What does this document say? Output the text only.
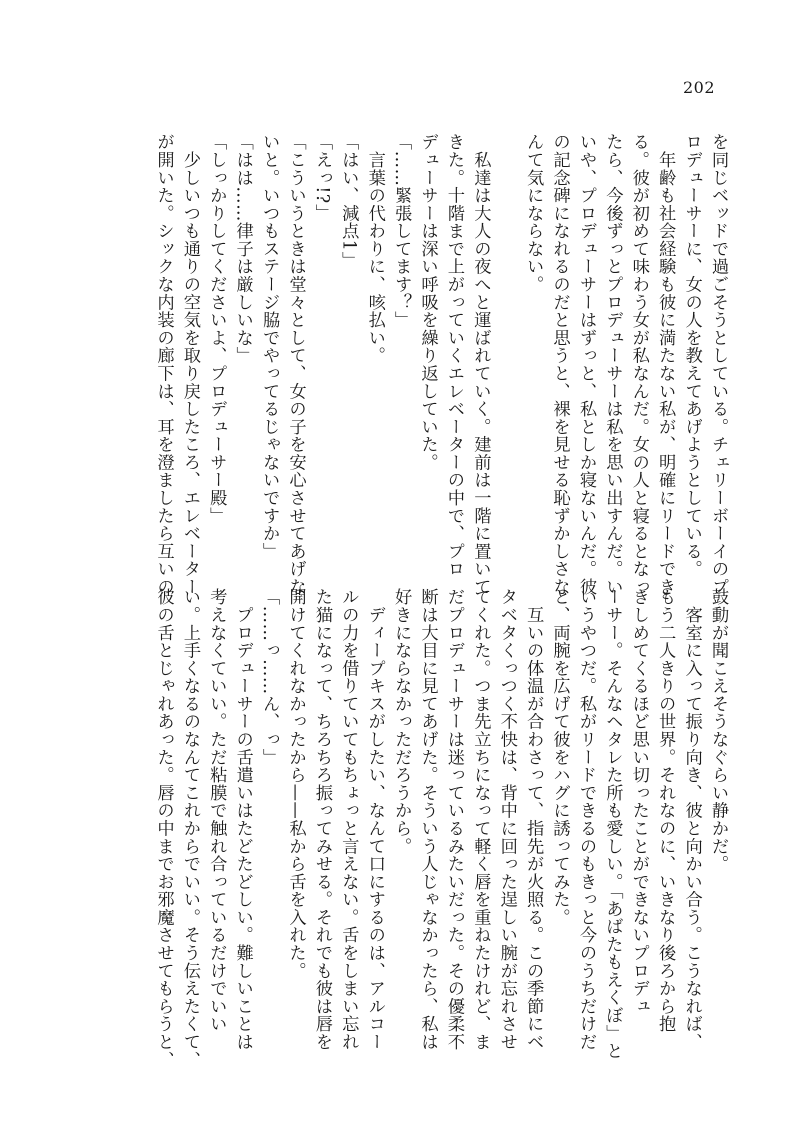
202
を同じベッドで過ごそうとしている。チェリーボーイのプ
ロデューサーに、女の人を教えてあげようとしている。
　年齢も社会経験も彼に満たない私が、明確にリードでき
る。彼が初めて味わう女が私なんだ。女の人と寝るとなっ
たら、今後ずっとプロデューサーは私を思い出すんだ。い
いや、プロデューサーはずっと、私としか寝ないんだ。彼
の記念碑になれるのだと思うと、裸を見せる恥ずかしさな
んて気にならない。

　私達は大人の夜へと運ばれていく。建前は一階に置いて
きた。十階まで上がっていくエレベーターの中で、プロ
デューサーは深い呼吸を繰り返していた。
「……緊張してます？」
　言葉の代わりに、咳払い。
「はい、減点1」
「えっ!?」
「こういうときは堂々として、女の子を安心させてあげな
いと。いつもステージ脇でやってるじゃないですか」
「はは……律子は厳しいな」
「しっかりしてくださいよ、プロデューサー殿」
　少しいつも通りの空気を取り戻したころ、エレベーター
が開いた。シックな内装の廊下は、耳を澄ましたら互いの
鼓動が聞こえそうなぐらい静かだ。
　客室に入って振り向き、彼と向かい合う。こうなれば、
もう二人きりの世界。それなのに、いきなり後ろから抱
きしめてくるほど思い切ったことができないプロデュ
ーサー。そんなヘタレた所も愛しい。「あばたもえくぼ」と
いうやつだ。私がリードできるのもきっと今のうちだけだ
と、両腕を広げて彼をハグに誘ってみた。
　互いの体温が合わさって、指先が火照る。この季節にベ
タベタくっつく不快は、背中に回った逞しい腕が忘れさせ
てくれた。つま先立ちになって軽く唇を重ねたけれど、ま
だプロデューサーは迷っているみたいだった。その優柔不
断は大目に見てあげた。そういう人じゃなかったら、私は
好きにならなかっただろうから。
　ディープキスがしたい、なんて口にするのは、アルコー
ルの力を借りていてもちょっと言えない。舌をしまい忘れ
た猫になって、ちろちろ振ってみせる。それでも彼は唇を
開けてくれなかったから——私から舌を入れた。
「……っ……ん、っ」
　プロデューサーの舌遣いはたどたどしい。難しいことは
考えなくていい。ただ粘膜で触れ合っているだけでいい
い。上手くなるのなんてこれからでいい。そう伝えたくて、
彼の舌とじゃれあった。唇の中までお邪魔させてもらうと、
